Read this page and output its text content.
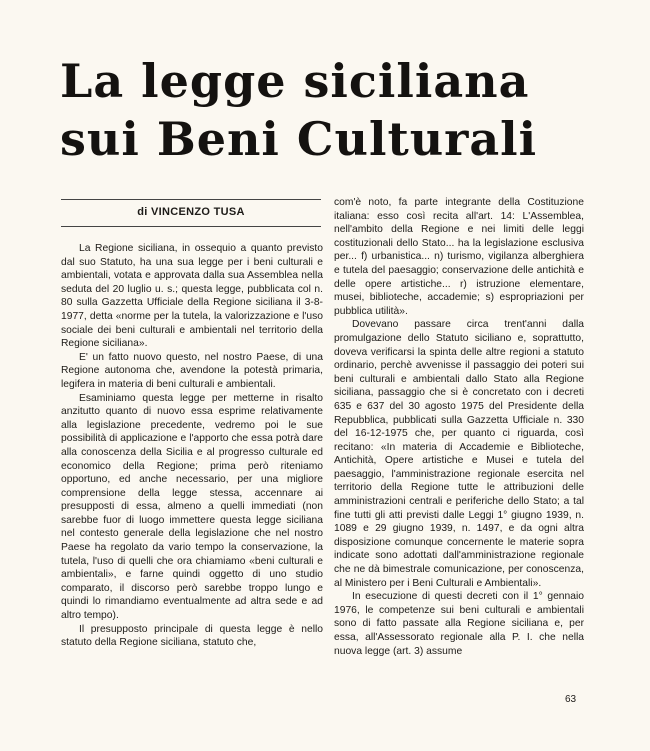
La legge siciliana
sui Beni Culturali
di VINCENZO TUSA

La Regione siciliana, in ossequio a quanto previsto dal suo Statuto, ha una sua legge per i beni culturali e ambientali, votata e approvata dalla sua Assemblea nella seduta del 20 luglio u. s.; questa legge, pubblicata col n. 80 sulla Gazzetta Ufficiale della Regione siciliana il 3-8-1977, detta «norme per la tutela, la valorizzazione e l'uso sociale dei beni culturali e ambientali nel territorio della Regione siciliana».

E' un fatto nuovo questo, nel nostro Paese, di una Regione autonoma che, avendone la potestà primaria, legifera in materia di beni culturali e ambientali.

Esaminiamo questa legge per metterne in risalto anzitutto quanto di nuovo essa esprime relativamente alla legislazione precedente, vedremo poi le sue possibilità di applicazione e l'apporto che essa potrà dare alla conoscenza della Sicilia e al progresso culturale ed economico della Regione; prima però riteniamo opportuno, ed anche necessario, per una migliore comprensione della legge stessa, accennare ai presupposti di essa, almeno a quelli immediati (non sarebbe fuor di luogo immettere questa legge siciliana nel contesto generale della legislazione che nel nostro Paese ha regolato da vario tempo la conservazione, la tutela, l'uso di quelli che ora chiamiamo «beni culturali e ambientali», e farne quindi oggetto di uno studio comparato, il discorso però sarebbe troppo lungo e quindi lo rimandiamo eventualmente ad altra sede e ad altro tempo).

Il presupposto principale di questa legge è nello statuto della Regione siciliana, statuto che,

com'è noto, fa parte integrante della Costituzione italiana: esso così recita all'art. 14: L'Assemblea, nell'ambito della Regione e nei limiti delle leggi costituzionali dello Stato... ha la legislazione esclusiva per... f) urbanistica... n) turismo, vigilanza alberghiera e tutela del paesaggio; conservazione delle antichità e delle opere artistiche... r) istruzione elementare, musei, biblioteche, accademie; s) espropriazioni per pubblica utilità».

Dovevano passare circa trent'anni dalla promulgazione dello Statuto siciliano e, soprattutto, doveva verificarsi la spinta delle altre regioni a statuto ordinario, perchè avvenisse il passaggio dei poteri sui beni culturali e ambientali dallo Stato alla Regione siciliana, passaggio che si è concretato con i decreti 635 e 637 del 30 agosto 1975 del Presidente della Repubblica, pubblicati sulla Gazzetta Ufficiale n. 330 del 16-12-1975 che, per quanto ci riguarda, così recitano: «In materia di Accademie e Biblioteche, Antichità, Opere artistiche e Musei e tutela del paesaggio, l'amministrazione regionale esercita nel territorio della Regione tutte le attribuzioni delle amministrazioni centrali e periferiche dello Stato; a tal fine tutti gli atti previsti dalle Leggi 1° giugno 1939, n. 1089 e 29 giugno 1939, n. 1497, e da ogni altra disposizione comunque concernente le materie sopra indicate sono adottati dall'amministrazione regionale che ne dà bimestrale comunicazione, per conoscenza, al Ministero per i Beni Culturali e Ambientali».

In esecuzione di questi decreti con il 1° gennaio 1976, le competenze sui beni culturali e ambientali sono di fatto passate alla Regione siciliana e, per essa, all'Assessorato regionale alla P. I. che nella nuova legge (art. 3) assume

63
